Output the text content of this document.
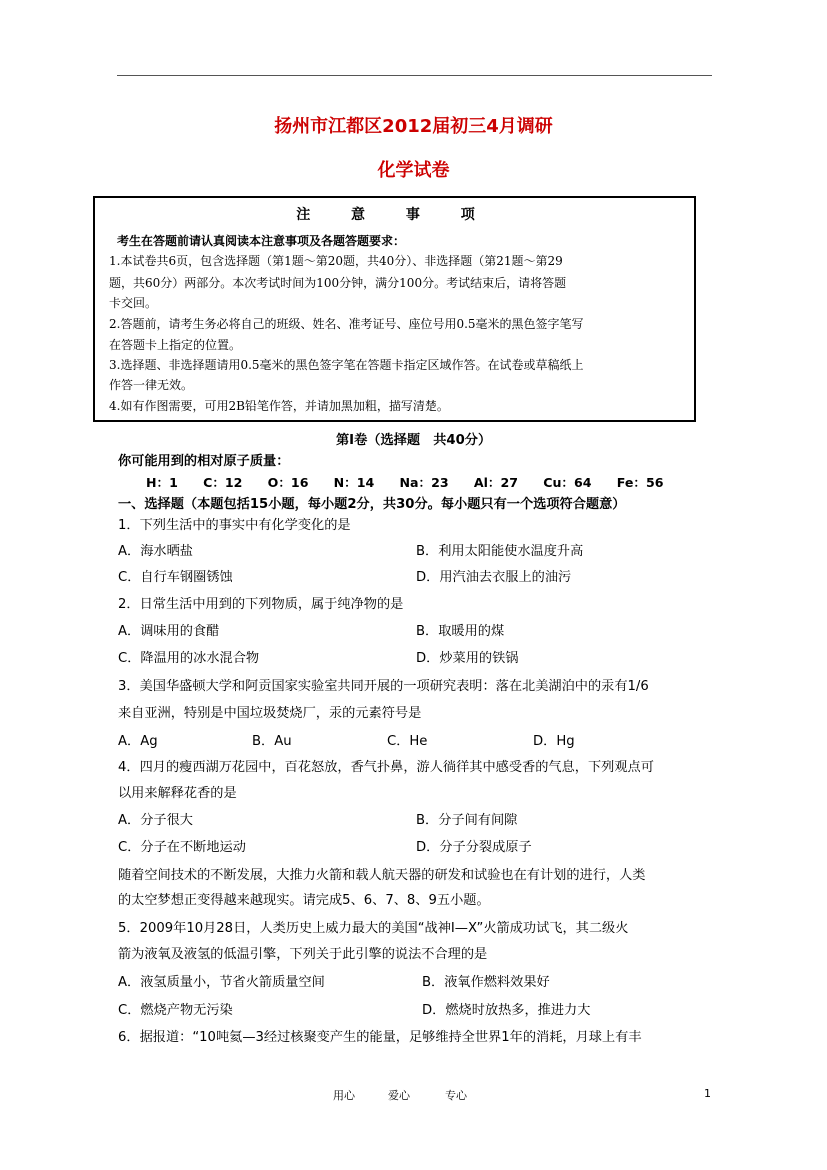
扬州市江都区2012届初三4月调研
化学试卷
注 意 事 项
考生在答题前请认真阅读本注意事项及各题答题要求：
1.本试卷共6页，包含选择题（第1题～第20题，共40分）、非选择题（第21题～第29
题，共60分）两部分。本次考试时间为100分钟，满分100分。考试结束后，请将答题
卡交回。
2.答题前，请考生务必将自己的班级、姓名、准考证号、座位号用0.5毫米的黑色签字笔写
在答题卡上指定的位置。
3.选择题、非选择题请用0.5毫米的黑色签字笔在答题卡指定区域作答。在试卷或草稿纸上
作答一律无效。
4.如有作图需要，可用2B铅笔作答，并请加黑加粗，描写清楚。
第Ⅰ卷（选择题　共40分）
你可能用到的相对原子质量：
H：1　　C：12　　O：16　　N：14　　Na：23　　Al：27　　Cu：64　　Fe：56
一、选择题（本题包括15小题，每小题2分，共30分。每小题只有一个选项符合题意）
1．下列生活中的事实中有化学变化的是
A．海水晒盐	B．利用太阳能使水温度升高
C．自行车钢圈锈蚀	D．用汽油去衣服上的油污
2．日常生活中用到的下列物质，属于纯净物的是
A．调味用的食醋	B．取暖用的煤
C．降温用的冰水混合物	D．炒菜用的铁锅
3．美国华盛顿大学和阿贡国家实验室共同开展的一项研究表明：落在北美湖泊中的汞有1/6
来自亚洲，特别是中国垃圾焚烧厂，汞的元素符号是
A．Ag	B．Au	C．He	D．Hg
4．四月的瘦西湖万花园中，百花怒放，香气扑鼻，游人徜徉其中感受香的气息，下列观点可
以用来解释花香的是
A．分子很大	B．分子间有间隙
C．分子在不断地运动	D．分子分裂成原子
随着空间技术的不断发展，大推力火箭和载人航天器的研发和试验也在有计划的进行，人类
的太空梦想正变得越来越现实。请完成5、6、7、8、9五小题。
5．2009年10月28日，人类历史上威力最大的美国“战神Ⅰ—X”火箭成功试飞，其二级火
箭为液氧及液氢的低温引擎，下列关于此引擎的说法不合理的是
A．液氢质量小，节省火箭质量空间	B．液氧作燃料效果好
C．燃烧产物无污染	D．燃烧时放热多，推进力大
6．据报道：“10吨氦—3经过核聚变产生的能量，足够维持全世界1年的消耗，月球上有丰
用心	爱心	专心	1
